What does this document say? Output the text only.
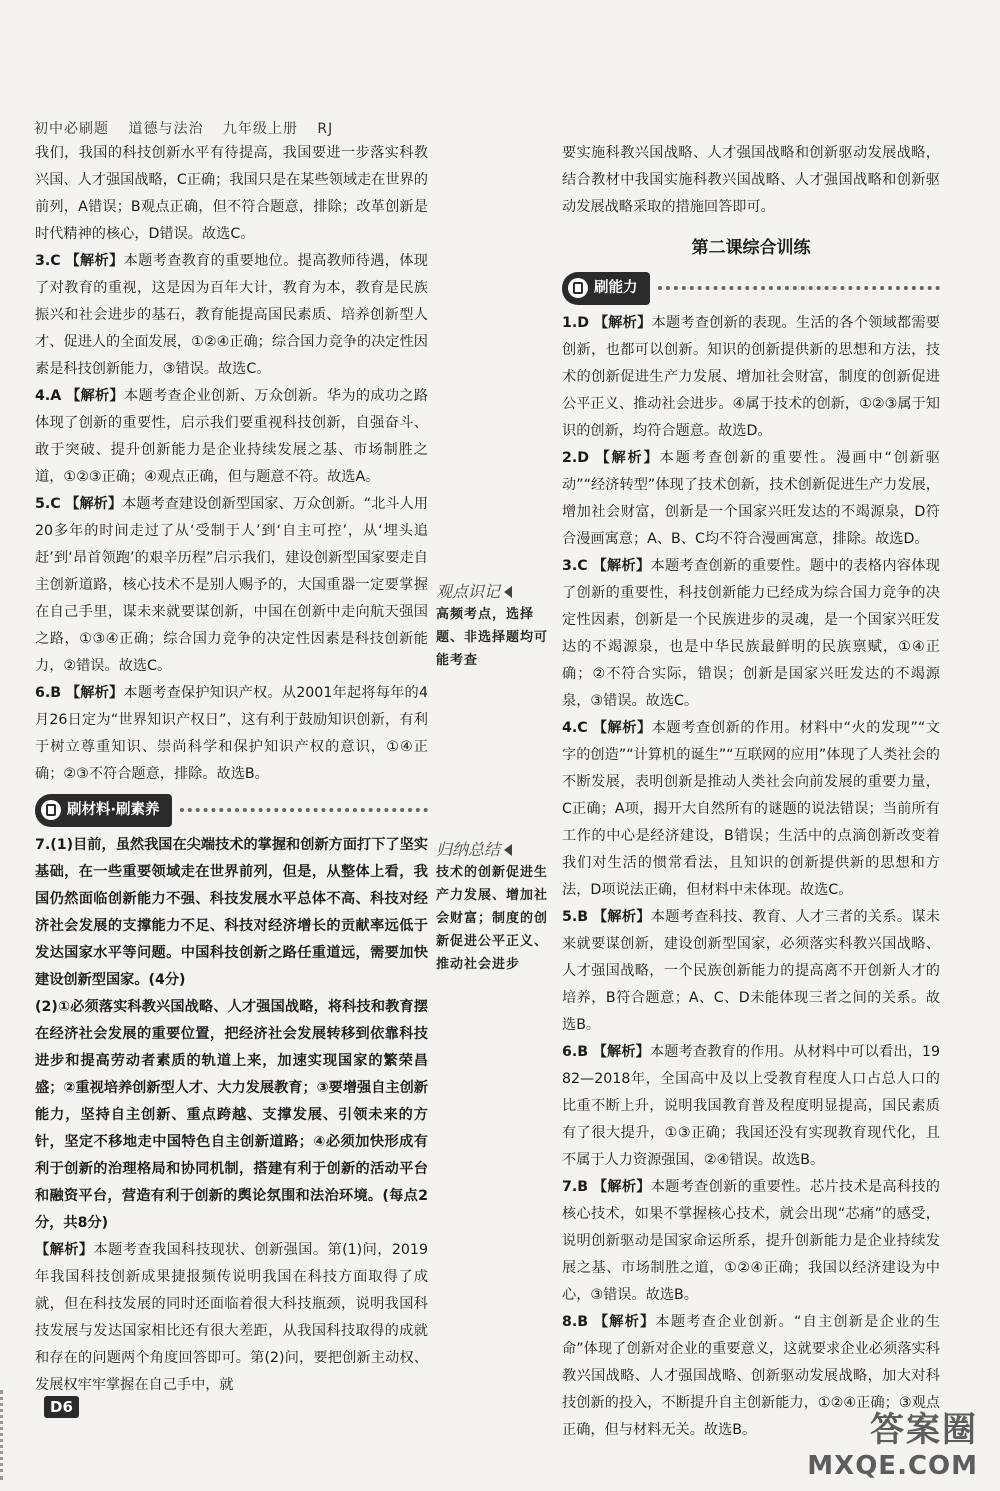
初中必刷题 道德与法治 九年级上册 RJ

我们，我国的科技创新水平有待提高，我国要进一步落实科教兴国、人才强国战略，C正确；我国只是在某些领域走在世界的前列，A错误；B观点正确，但不符合题意，排除；改革创新是时代精神的核心，D错误。故选C。

3.C 【解析】本题考查教育的重要地位。提高教师待遇，体现了对教育的重视，这是因为百年大计，教育为本，教育是民族振兴和社会进步的基石，教育能提高国民素质、培养创新型人才、促进人的全面发展，①②④正确；综合国力竞争的决定性因素是科技创新能力，③错误。故选C。

4.A 【解析】本题考查企业创新、万众创新。华为的成功之路体现了创新的重要性，启示我们要重视科技创新，自强奋斗、敢于突破、提升创新能力是企业持续发展之基、市场制胜之道，①②③正确；④观点正确，但与题意不符。故选A。

5.C 【解析】本题考查建设创新型国家、万众创新。“北斗人用20多年的时间走过了从‘受制于人’到‘自主可控’，从‘埋头追赶’到‘昂首领跑’的艰辛历程”启示我们，建设创新型国家要走自主创新道路，核心技术不是别人赐予的，大国重器一定要掌握在自己手里，谋未来就要谋创新，中国在创新中走向航天强国之路，①③④正确；综合国力竞争的决定性因素是科技创新能力，②错误。故选C。

6.B 【解析】本题考查保护知识产权。从2001年起将每年的4月26日定为“世界知识产权日”，这有利于鼓励知识创新，有利于树立尊重知识、崇尚科学和保护知识产权的意识，①④正确；②③不符合题意，排除。故选B。

刷材料·刷素养

7.(1)目前，虽然我国在尖端技术的掌握和创新方面打下了坚实基础，在一些重要领域走在世界前列，但是，从整体上看，我国仍然面临创新能力不强、科技发展水平总体不高、科技对经济社会发展的支撑能力不足、科技对经济增长的贡献率远低于发达国家水平等问题。中国科技创新之路任重道远，需要加快建设创新型国家。(4分)

(2)①必须落实科教兴国战略、人才强国战略，将科技和教育摆在经济社会发展的重要位置，把经济社会发展转移到依靠科技进步和提高劳动者素质的轨道上来，加速实现国家的繁荣昌盛；②重视培养创新型人才、大力发展教育；③要增强自主创新能力，坚持自主创新、重点跨越、支撑发展、引领未来的方针，坚定不移地走中国特色自主创新道路；④必须加快形成有利于创新的治理格局和协同机制，搭建有利于创新的活动平台和融资平台，营造有利于创新的舆论氛围和法治环境。(每点2分，共8分)

【解析】本题考查我国科技现状、创新强国。第(1)问，2019年我国科技创新成果捷报频传说明我国在科技方面取得了成就，但在科技发展的同时还面临着很大科技瓶颈，说明我国科技发展与发达国家相比还有很大差距，从我国科技取得的成就和存在的问题两个角度回答即可。第(2)问，要把创新主动权、发展权牢牢掌握在自己手中，就

观点识记
高频考点，选择题、非选择题均可能考查
归纳总结
技术的创新促进生产力发展、增加社会财富；制度的创新促进公平正义、推动社会进步

要实施科教兴国战略、人才强国战略和创新驱动发展战略，结合教材中我国实施科教兴国战略、人才强国战略和创新驱动发展战略采取的措施回答即可。

第二课综合训练
刷能力

1.D 【解析】本题考查创新的表现。生活的各个领域都需要创新，也都可以创新。知识的创新提供新的思想和方法，技术的创新促进生产力发展、增加社会财富，制度的创新促进公平正义、推动社会进步。④属于技术的创新，①②③属于知识的创新，均符合题意。故选D。

2.D 【解析】本题考查创新的重要性。漫画中“创新驱动”“经济转型”体现了技术创新，技术创新促进生产力发展，增加社会财富，创新是一个国家兴旺发达的不竭源泉，D符合漫画寓意；A、B、C均不符合漫画寓意，排除。故选D。

3.C 【解析】本题考查创新的重要性。题中的表格内容体现了创新的重要性，科技创新能力已经成为综合国力竞争的决定性因素，创新是一个民族进步的灵魂，是一个国家兴旺发达的不竭源泉，也是中华民族最鲜明的民族禀赋，①④正确；②不符合实际，错误；创新是国家兴旺发达的不竭源泉，③错误。故选C。

4.C 【解析】本题考查创新的作用。材料中“火的发现”“文字的创造”“计算机的诞生”“互联网的应用”体现了人类社会的不断发展，表明创新是推动人类社会向前发展的重要力量，C正确；A项，揭开大自然所有的谜题的说法错误；当前所有工作的中心是经济建设，B错误；生活中的点滴创新改变着我们对生活的惯常看法，且知识的创新提供新的思想和方法，D项说法正确，但材料中未体现。故选C。

5.B 【解析】本题考查科技、教育、人才三者的关系。谋未来就要谋创新，建设创新型国家，必须落实科教兴国战略、人才强国战略，一个民族创新能力的提高离不开创新人才的培养，B符合题意；A、C、D未能体现三者之间的关系。故选B。

6.B 【解析】本题考查教育的作用。从材料中可以看出，1982—2018年，全国高中及以上受教育程度人口占总人口的比重不断上升，说明我国教育普及程度明显提高，国民素质有了很大提升，①③正确；我国还没有实现教育现代化，且不属于人力资源强国，②④错误。故选B。

7.B 【解析】本题考查创新的重要性。芯片技术是高科技的核心技术，如果不掌握核心技术，就会出现“芯痛”的感受，说明创新驱动是国家命运所系，提升创新能力是企业持续发展之基、市场制胜之道，①②④正确；我国以经济建设为中心，③错误。故选B。

8.B 【解析】本题考查企业创新。“自主创新是企业的生命”体现了创新对企业的重要意义，这就要求企业必须落实科教兴国战略、人才强国战略、创新驱动发展战略，加大对科技创新的投入，不断提升自主创新能力，①②④正确；③观点正确，但与材料无关。故选B。

D6
答案圈
MXQE.COM
